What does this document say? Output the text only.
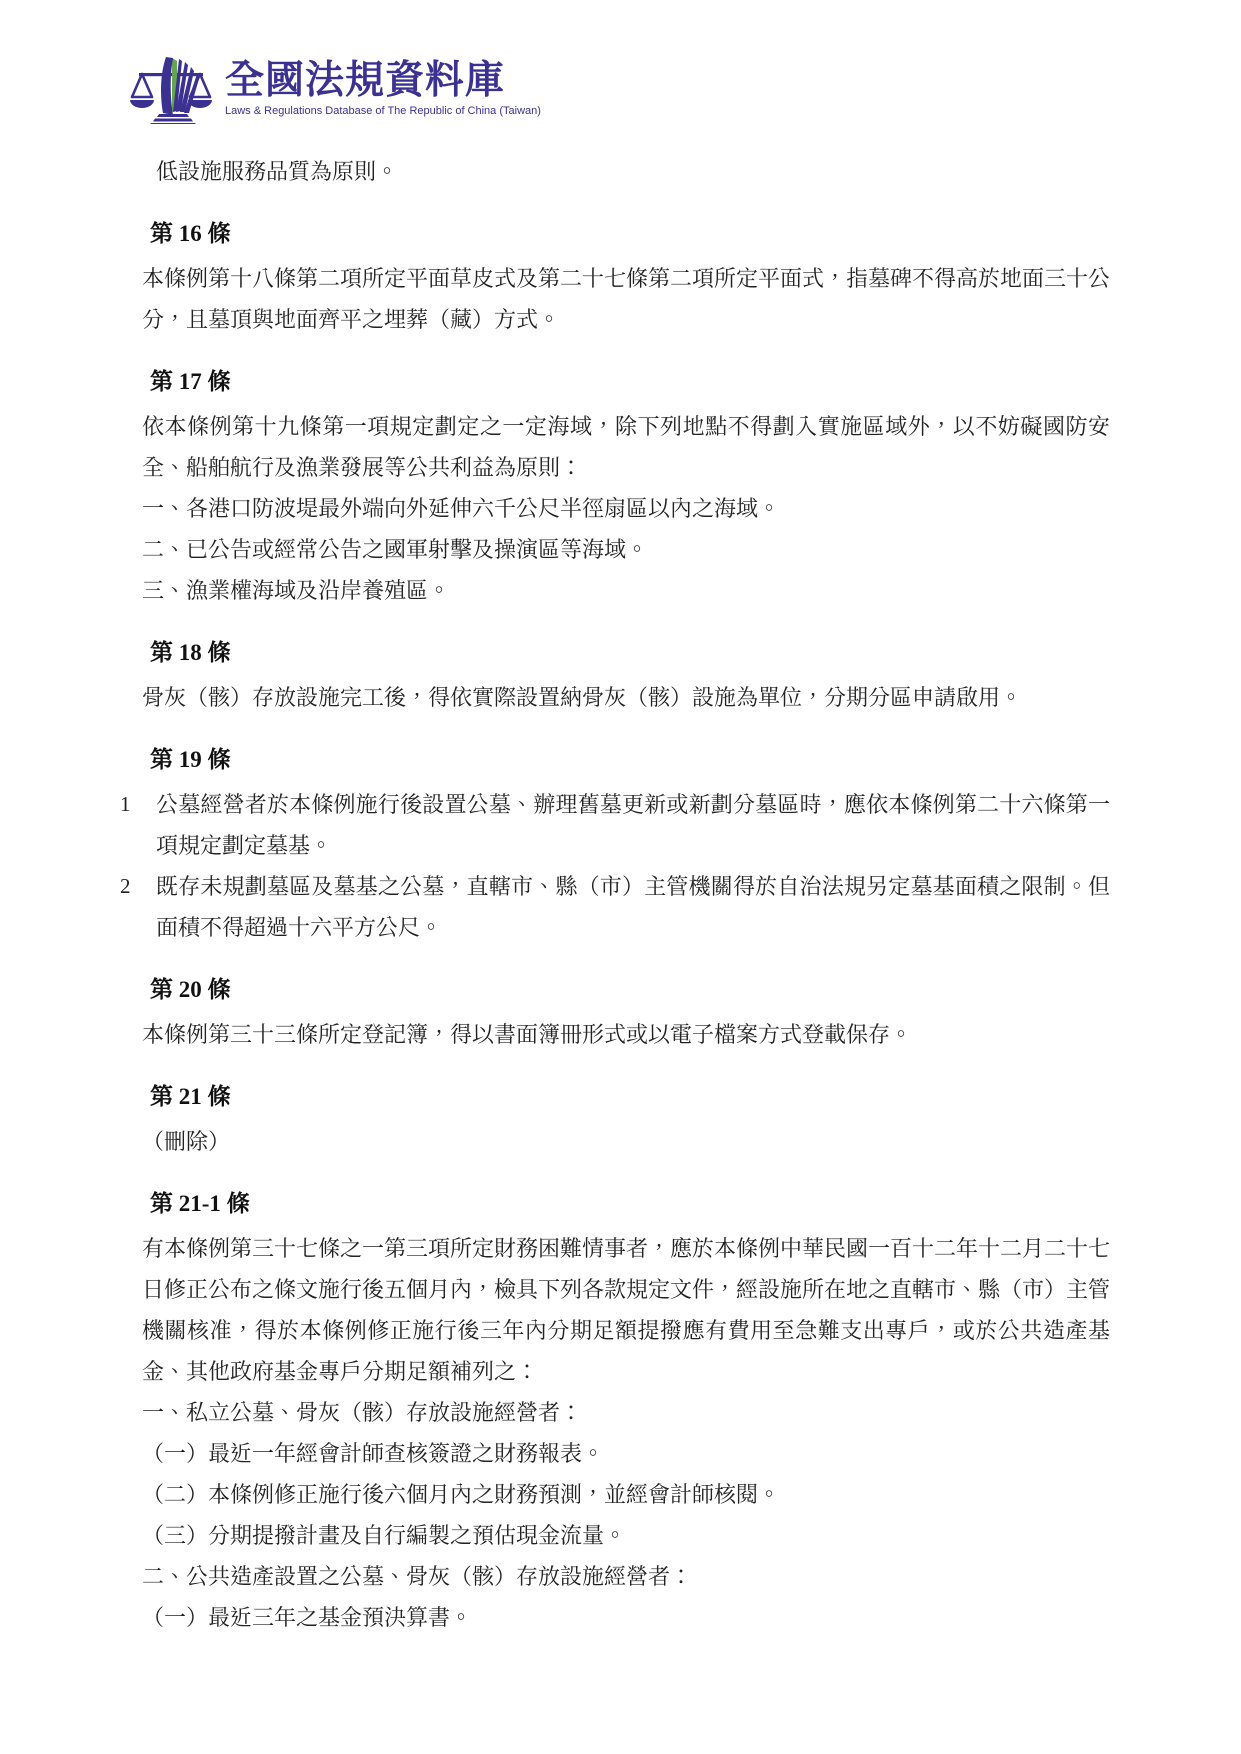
全國法規資料庫
Laws & Regulations Database of The Republic of China (Taiwan)
低設施服務品質為原則。
第 16 條
本條例第十八條第二項所定平面草皮式及第二十七條第二項所定平面式，指墓碑不得高於地面三十公分，且墓頂與地面齊平之埋葬（藏）方式。
第 17 條
依本條例第十九條第一項規定劃定之一定海域，除下列地點不得劃入實施區域外，以不妨礙國防安全、船舶航行及漁業發展等公共利益為原則：
一、各港口防波堤最外端向外延伸六千公尺半徑扇區以內之海域。
二、已公告或經常公告之國軍射擊及操演區等海域。
三、漁業權海域及沿岸養殖區。
第 18 條
骨灰（骸）存放設施完工後，得依實際設置納骨灰（骸）設施為單位，分期分區申請啟用。
第 19 條
1	公墓經營者於本條例施行後設置公墓、辦理舊墓更新或新劃分墓區時，應依本條例第二十六條第一項規定劃定墓基。
2	既存未規劃墓區及墓基之公墓，直轄市、縣（市）主管機關得於自治法規另定墓基面積之限制。但面積不得超過十六平方公尺。
第 20 條
本條例第三十三條所定登記簿，得以書面簿冊形式或以電子檔案方式登載保存。
第 21 條
（刪除）
第 21-1 條
有本條例第三十七條之一第三項所定財務困難情事者，應於本條例中華民國一百十二年十二月二十七日修正公布之條文施行後五個月內，檢具下列各款規定文件，經設施所在地之直轄市、縣（市）主管機關核准，得於本條例修正施行後三年內分期足額提撥應有費用至急難支出專戶，或於公共造產基金、其他政府基金專戶分期足額補列之：
一、私立公墓、骨灰（骸）存放設施經營者：
（一）最近一年經會計師查核簽證之財務報表。
（二）本條例修正施行後六個月內之財務預測，並經會計師核閱。
（三）分期提撥計畫及自行編製之預估現金流量。
二、公共造產設置之公墓、骨灰（骸）存放設施經營者：
（一）最近三年之基金預決算書。
